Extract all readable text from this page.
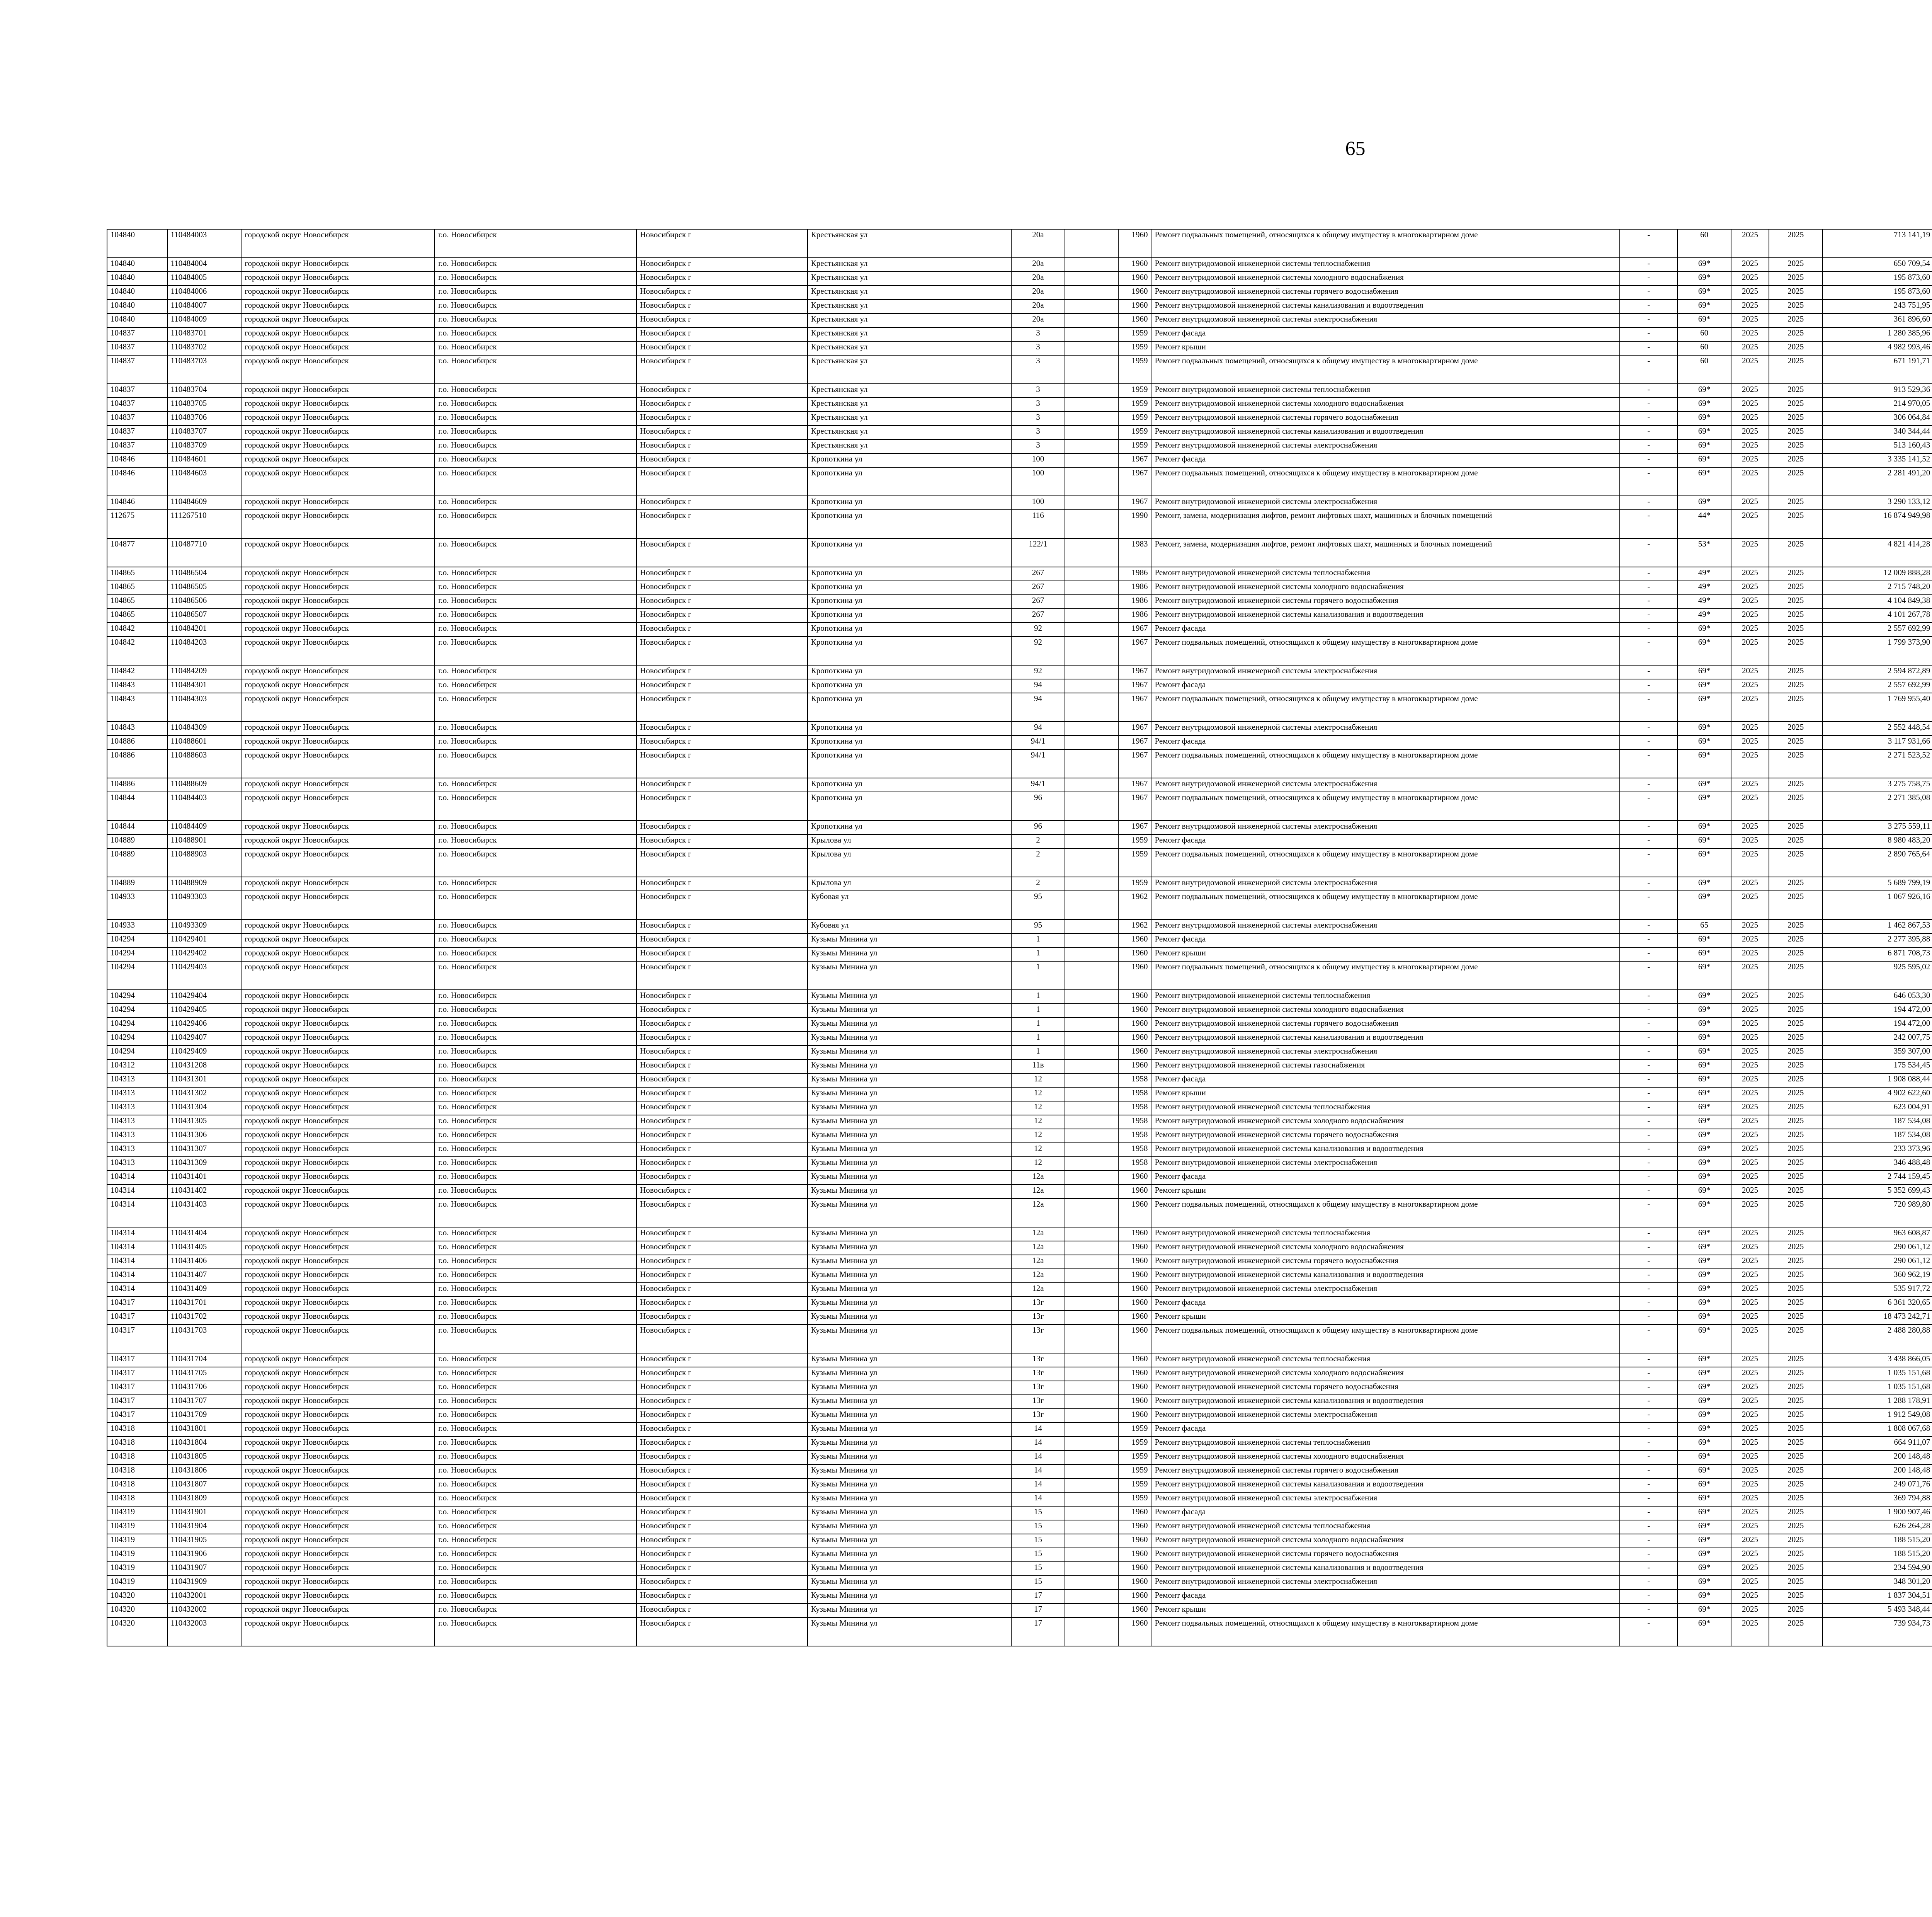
65
104840	110484003	городской округ Новосибирск	г.о. Новосибирск	Новосибирск г	Крестьянская ул	20а		1960	Ремонт подвальных помещений, относящихся к общему имуществу в многоквартирном доме	-	60	2025	2025	713 141,19							
104840	110484004	городской округ Новосибирск	г.о. Новосибирск	Новосибирск г	Крестьянская ул	20а		1960	Ремонт внутридомовой инженерной системы теплоснабжения	-	69*	2025	2025	650 709,54							
104840	110484005	городской округ Новосибирск	г.о. Новосибирск	Новосибирск г	Крестьянская ул	20а		1960	Ремонт внутридомовой инженерной системы холодного водоснабжения	-	69*	2025	2025	195 873,60							
104840	110484006	городской округ Новосибирск	г.о. Новосибирск	Новосибирск г	Крестьянская ул	20а		1960	Ремонт внутридомовой инженерной системы горячего водоснабжения	-	69*	2025	2025	195 873,60							
104840	110484007	городской округ Новосибирск	г.о. Новосибирск	Новосибирск г	Крестьянская ул	20а		1960	Ремонт внутридомовой инженерной системы канализования и водоотведения	-	69*	2025	2025	243 751,95							
104840	110484009	городской округ Новосибирск	г.о. Новосибирск	Новосибирск г	Крестьянская ул	20а		1960	Ремонт внутридомовой инженерной системы электроснабжения	-	69*	2025	2025	361 896,60							
104837	110483701	городской округ Новосибирск	г.о. Новосибирск	Новосибирск г	Крестьянская ул	3		1959	Ремонт фасада	-	60	2025	2025	1 280 385,96							
104837	110483702	городской округ Новосибирск	г.о. Новосибирск	Новосибирск г	Крестьянская ул	3		1959	Ремонт крыши	-	60	2025	2025	4 982 993,46							
104837	110483703	городской округ Новосибирск	г.о. Новосибирск	Новосибирск г	Крестьянская ул	3		1959	Ремонт подвальных помещений, относящихся к общему имуществу в многоквартирном доме	-	60	2025	2025	671 191,71							
104837	110483704	городской округ Новосибирск	г.о. Новосибирск	Новосибирск г	Крестьянская ул	3		1959	Ремонт внутридомовой инженерной системы теплоснабжения	-	69*	2025	2025	913 529,36							
104837	110483705	городской округ Новосибирск	г.о. Новосибирск	Новосибирск г	Крестьянская ул	3		1959	Ремонт внутридомовой инженерной системы холодного водоснабжения	-	69*	2025	2025	214 970,05							
104837	110483706	городской округ Новосибирск	г.о. Новосибирск	Новосибирск г	Крестьянская ул	3		1959	Ремонт внутридомовой инженерной системы горячего водоснабжения	-	69*	2025	2025	306 064,84							
104837	110483707	городской округ Новосибирск	г.о. Новосибирск	Новосибирск г	Крестьянская ул	3		1959	Ремонт внутридомовой инженерной системы канализования и водоотведения	-	69*	2025	2025	340 344,44							
104837	110483709	городской округ Новосибирск	г.о. Новосибирск	Новосибирск г	Крестьянская ул	3		1959	Ремонт внутридомовой инженерной системы электроснабжения	-	69*	2025	2025	513 160,43							
104846	110484601	городской округ Новосибирск	г.о. Новосибирск	Новосибирск г	Кропоткина ул	100		1967	Ремонт фасада	-	69*	2025	2025	3 335 141,52							
104846	110484603	городской округ Новосибирск	г.о. Новосибирск	Новосибирск г	Кропоткина ул	100		1967	Ремонт подвальных помещений, относящихся к общему имуществу в многоквартирном доме	-	69*	2025	2025	2 281 491,20							
104846	110484609	городской округ Новосибирск	г.о. Новосибирск	Новосибирск г	Кропоткина ул	100		1967	Ремонт внутридомовой инженерной системы электроснабжения	-	69*	2025	2025	3 290 133,12							
112675	111267510	городской округ Новосибирск	г.о. Новосибирск	Новосибирск г	Кропоткина ул	116		1990	Ремонт, замена, модернизация лифтов, ремонт лифтовых шахт, машинных и блочных помещений	-	44*	2025	2025	16 874 949,98							
104877	110487710	городской округ Новосибирск	г.о. Новосибирск	Новосибирск г	Кропоткина ул	122/1		1983	Ремонт, замена, модернизация лифтов, ремонт лифтовых шахт, машинных и блочных помещений	-	53*	2025	2025	4 821 414,28							
104865	110486504	городской округ Новосибирск	г.о. Новосибирск	Новосибирск г	Кропоткина ул	267		1986	Ремонт внутридомовой инженерной системы теплоснабжения	-	49*	2025	2025	12 009 888,28							
104865	110486505	городской округ Новосибирск	г.о. Новосибирск	Новосибирск г	Кропоткина ул	267		1986	Ремонт внутридомовой инженерной системы холодного водоснабжения	-	49*	2025	2025	2 715 748,20							
104865	110486506	городской округ Новосибирск	г.о. Новосибирск	Новосибирск г	Кропоткина ул	267		1986	Ремонт внутридомовой инженерной системы горячего водоснабжения	-	49*	2025	2025	4 104 849,38							
104865	110486507	городской округ Новосибирск	г.о. Новосибирск	Новосибирск г	Кропоткина ул	267		1986	Ремонт внутридомовой инженерной системы канализования и водоотведения	-	49*	2025	2025	4 101 267,78							
104842	110484201	городской округ Новосибирск	г.о. Новосибирск	Новосибирск г	Кропоткина ул	92		1967	Ремонт фасада	-	69*	2025	2025	2 557 692,99							
104842	110484203	городской округ Новосибирск	г.о. Новосибирск	Новосибирск г	Кропоткина ул	92		1967	Ремонт подвальных помещений, относящихся к общему имуществу в многоквартирном доме	-	69*	2025	2025	1 799 373,90							
104842	110484209	городской округ Новосибирск	г.о. Новосибирск	Новосибирск г	Кропоткина ул	92		1967	Ремонт внутридомовой инженерной системы электроснабжения	-	69*	2025	2025	2 594 872,89							
104843	110484301	городской округ Новосибирск	г.о. Новосибирск	Новосибирск г	Кропоткина ул	94		1967	Ремонт фасада	-	69*	2025	2025	2 557 692,99							
104843	110484303	городской округ Новосибирск	г.о. Новосибирск	Новосибирск г	Кропоткина ул	94		1967	Ремонт подвальных помещений, относящихся к общему имуществу в многоквартирном доме	-	69*	2025	2025	1 769 955,40							
104843	110484309	городской округ Новосибирск	г.о. Новосибирск	Новосибирск г	Кропоткина ул	94		1967	Ремонт внутридомовой инженерной системы электроснабжения	-	69*	2025	2025	2 552 448,54							
104886	110488601	городской округ Новосибирск	г.о. Новосибирск	Новосибирск г	Кропоткина ул	94/1		1967	Ремонт фасада	-	69*	2025	2025	3 117 931,66							
104886	110488603	городской округ Новосибирск	г.о. Новосибирск	Новосибирск г	Кропоткина ул	94/1		1967	Ремонт подвальных помещений, относящихся к общему имуществу в многоквартирном доме	-	69*	2025	2025	2 271 523,52							
104886	110488609	городской округ Новосибирск	г.о. Новосибирск	Новосибирск г	Кропоткина ул	94/1		1967	Ремонт внутридомовой инженерной системы электроснабжения	-	69*	2025	2025	3 275 758,75							
104844	110484403	городской округ Новосибирск	г.о. Новосибирск	Новосибирск г	Кропоткина ул	96		1967	Ремонт подвальных помещений, относящихся к общему имуществу в многоквартирном доме	-	69*	2025	2025	2 271 385,08							
104844	110484409	городской округ Новосибирск	г.о. Новосибирск	Новосибирск г	Кропоткина ул	96		1967	Ремонт внутридомовой инженерной системы электроснабжения	-	69*	2025	2025	3 275 559,11							
104889	110488901	городской округ Новосибирск	г.о. Новосибирск	Новосибирск г	Крылова ул	2		1959	Ремонт фасада	-	69*	2025	2025	8 980 483,20							
104889	110488903	городской округ Новосибирск	г.о. Новосибирск	Новосибирск г	Крылова ул	2		1959	Ремонт подвальных помещений, относящихся к общему имуществу в многоквартирном доме	-	69*	2025	2025	2 890 765,64							
104889	110488909	городской округ Новосибирск	г.о. Новосибирск	Новосибирск г	Крылова ул	2		1959	Ремонт внутридомовой инженерной системы электроснабжения	-	69*	2025	2025	5 689 799,19							
104933	110493303	городской округ Новосибирск	г.о. Новосибирск	Новосибирск г	Кубовая ул	95		1962	Ремонт подвальных помещений, относящихся к общему имуществу в многоквартирном доме	-	69*	2025	2025	1 067 926,16							
104933	110493309	городской округ Новосибирск	г.о. Новосибирск	Новосибирск г	Кубовая ул	95		1962	Ремонт внутридомовой инженерной системы электроснабжения	-	65	2025	2025	1 462 867,53							
104294	110429401	городской округ Новосибирск	г.о. Новосибирск	Новосибирск г	Кузьмы Минина ул	1		1960	Ремонт фасада	-	69*	2025	2025	2 277 395,88							
104294	110429402	городской округ Новосибирск	г.о. Новосибирск	Новосибирск г	Кузьмы Минина ул	1		1960	Ремонт крыши	-	69*	2025	2025	6 871 708,73							
104294	110429403	городской округ Новосибирск	г.о. Новосибирск	Новосибирск г	Кузьмы Минина ул	1		1960	Ремонт подвальных помещений, относящихся к общему имуществу в многоквартирном доме	-	69*	2025	2025	925 595,02							
104294	110429404	городской округ Новосибирск	г.о. Новосибирск	Новосибирск г	Кузьмы Минина ул	1		1960	Ремонт внутридомовой инженерной системы теплоснабжения	-	69*	2025	2025	646 053,30							
104294	110429405	городской округ Новосибирск	г.о. Новосибирск	Новосибирск г	Кузьмы Минина ул	1		1960	Ремонт внутридомовой инженерной системы холодного водоснабжения	-	69*	2025	2025	194 472,00							
104294	110429406	городской округ Новосибирск	г.о. Новосибирск	Новосибирск г	Кузьмы Минина ул	1		1960	Ремонт внутридомовой инженерной системы горячего водоснабжения	-	69*	2025	2025	194 472,00							
104294	110429407	городской округ Новосибирск	г.о. Новосибирск	Новосибирск г	Кузьмы Минина ул	1		1960	Ремонт внутридомовой инженерной системы канализования и водоотведения	-	69*	2025	2025	242 007,75							
104294	110429409	городской округ Новосибирск	г.о. Новосибирск	Новосибирск г	Кузьмы Минина ул	1		1960	Ремонт внутридомовой инженерной системы электроснабжения	-	69*	2025	2025	359 307,00							
104312	110431208	городской округ Новосибирск	г.о. Новосибирск	Новосибирск г	Кузьмы Минина ул	11в		1960	Ремонт внутридомовой инженерной системы газоснабжения	-	69*	2025	2025	175 534,45							
104313	110431301	городской округ Новосибирск	г.о. Новосибирск	Новосибирск г	Кузьмы Минина ул	12		1958	Ремонт фасада	-	69*	2025	2025	1 908 088,44							
104313	110431302	городской округ Новосибирск	г.о. Новосибирск	Новосибирск г	Кузьмы Минина ул	12		1958	Ремонт крыши	-	69*	2025	2025	4 902 622,60							
104313	110431304	городской округ Новосибирск	г.о. Новосибирск	Новосибирск г	Кузьмы Минина ул	12		1958	Ремонт внутридомовой инженерной системы теплоснабжения	-	69*	2025	2025	623 004,91							
104313	110431305	городской округ Новосибирск	г.о. Новосибирск	Новосибирск г	Кузьмы Минина ул	12		1958	Ремонт внутридомовой инженерной системы холодного водоснабжения	-	69*	2025	2025	187 534,08							
104313	110431306	городской округ Новосибирск	г.о. Новосибирск	Новосибирск г	Кузьмы Минина ул	12		1958	Ремонт внутридомовой инженерной системы горячего водоснабжения	-	69*	2025	2025	187 534,08							
104313	110431307	городской округ Новосибирск	г.о. Новосибирск	Новосибирск г	Кузьмы Минина ул	12		1958	Ремонт внутридомовой инженерной системы канализования и водоотведения	-	69*	2025	2025	233 373,96							
104313	110431309	городской округ Новосибирск	г.о. Новосибирск	Новосибирск г	Кузьмы Минина ул	12		1958	Ремонт внутридомовой инженерной системы электроснабжения	-	69*	2025	2025	346 488,48							
104314	110431401	городской округ Новосибирск	г.о. Новосибирск	Новосибирск г	Кузьмы Минина ул	12а		1960	Ремонт фасада	-	69*	2025	2025	2 744 159,45							
104314	110431402	городской округ Новосибирск	г.о. Новосибирск	Новосибирск г	Кузьмы Минина ул	12а		1960	Ремонт крыши	-	69*	2025	2025	5 352 699,43							
104314	110431403	городской округ Новосибирск	г.о. Новосибирск	Новосибирск г	Кузьмы Минина ул	12а		1960	Ремонт подвальных помещений, относящихся к общему имуществу в многоквартирном доме	-	69*	2025	2025	720 989,80							
104314	110431404	городской округ Новосибирск	г.о. Новосибирск	Новосибирск г	Кузьмы Минина ул	12а		1960	Ремонт внутридомовой инженерной системы теплоснабжения	-	69*	2025	2025	963 608,87							
104314	110431405	городской округ Новосибирск	г.о. Новосибирск	Новосибирск г	Кузьмы Минина ул	12а		1960	Ремонт внутридомовой инженерной системы холодного водоснабжения	-	69*	2025	2025	290 061,12							
104314	110431406	городской округ Новосибирск	г.о. Новосибирск	Новосибирск г	Кузьмы Минина ул	12а		1960	Ремонт внутридомовой инженерной системы горячего водоснабжения	-	69*	2025	2025	290 061,12							
104314	110431407	городской округ Новосибирск	г.о. Новосибирск	Новосибирск г	Кузьмы Минина ул	12а		1960	Ремонт внутридомовой инженерной системы канализования и водоотведения	-	69*	2025	2025	360 962,19							
104314	110431409	городской округ Новосибирск	г.о. Новосибирск	Новосибирск г	Кузьмы Минина ул	12а		1960	Ремонт внутридомовой инженерной системы электроснабжения	-	69*	2025	2025	535 917,72							
104317	110431701	городской округ Новосибирск	г.о. Новосибирск	Новосибирск г	Кузьмы Минина ул	13г		1960	Ремонт фасада	-	69*	2025	2025	6 361 320,65							
104317	110431702	городской округ Новосибирск	г.о. Новосибирск	Новосибирск г	Кузьмы Минина ул	13г		1960	Ремонт крыши	-	69*	2025	2025	18 473 242,71							
104317	110431703	городской округ Новосибирск	г.о. Новосибирск	Новосибирск г	Кузьмы Минина ул	13г		1960	Ремонт подвальных помещений, относящихся к общему имуществу в многоквартирном доме	-	69*	2025	2025	2 488 280,88							
104317	110431704	городской округ Новосибирск	г.о. Новосибирск	Новосибирск г	Кузьмы Минина ул	13г		1960	Ремонт внутридомовой инженерной системы теплоснабжения	-	69*	2025	2025	3 438 866,05							
104317	110431705	городской округ Новосибирск	г.о. Новосибирск	Новосибирск г	Кузьмы Минина ул	13г		1960	Ремонт внутридомовой инженерной системы холодного водоснабжения	-	69*	2025	2025	1 035 151,68							
104317	110431706	городской округ Новосибирск	г.о. Новосибирск	Новосибирск г	Кузьмы Минина ул	13г		1960	Ремонт внутридомовой инженерной системы горячего водоснабжения	-	69*	2025	2025	1 035 151,68							
104317	110431707	городской округ Новосибирск	г.о. Новосибирск	Новосибирск г	Кузьмы Минина ул	13г		1960	Ремонт внутридомовой инженерной системы канализования и водоотведения	-	69*	2025	2025	1 288 178,91							
104317	110431709	городской округ Новосибирск	г.о. Новосибирск	Новосибирск г	Кузьмы Минина ул	13г		1960	Ремонт внутридомовой инженерной системы электроснабжения	-	69*	2025	2025	1 912 549,08							
104318	110431801	городской округ Новосибирск	г.о. Новосибирск	Новосибирск г	Кузьмы Минина ул	14		1959	Ремонт фасада	-	69*	2025	2025	1 808 067,68							
104318	110431804	городской округ Новосибирск	г.о. Новосибирск	Новосибирск г	Кузьмы Минина ул	14		1959	Ремонт внутридомовой инженерной системы теплоснабжения	-	69*	2025	2025	664 911,07							
104318	110431805	городской округ Новосибирск	г.о. Новосибирск	Новосибирск г	Кузьмы Минина ул	14		1959	Ремонт внутридомовой инженерной системы холодного водоснабжения	-	69*	2025	2025	200 148,48							
104318	110431806	городской округ Новосибирск	г.о. Новосибирск	Новосибирск г	Кузьмы Минина ул	14		1959	Ремонт внутридомовой инженерной системы горячего водоснабжения	-	69*	2025	2025	200 148,48							
104318	110431807	городской округ Новосибирск	г.о. Новосибирск	Новосибирск г	Кузьмы Минина ул	14		1959	Ремонт внутридомовой инженерной системы канализования и водоотведения	-	69*	2025	2025	249 071,76							
104318	110431809	городской округ Новосибирск	г.о. Новосибирск	Новосибирск г	Кузьмы Минина ул	14		1959	Ремонт внутридомовой инженерной системы электроснабжения	-	69*	2025	2025	369 794,88							
104319	110431901	городской округ Новосибирск	г.о. Новосибирск	Новосибирск г	Кузьмы Минина ул	15		1960	Ремонт фасада	-	69*	2025	2025	1 900 907,46							
104319	110431904	городской округ Новосибирск	г.о. Новосибирск	Новосибирск г	Кузьмы Минина ул	15		1960	Ремонт внутридомовой инженерной системы теплоснабжения	-	69*	2025	2025	626 264,28							
104319	110431905	городской округ Новосибирск	г.о. Новосибирск	Новосибирск г	Кузьмы Минина ул	15		1960	Ремонт внутридомовой инженерной системы холодного водоснабжения	-	69*	2025	2025	188 515,20							
104319	110431906	городской округ Новосибирск	г.о. Новосибирск	Новосибирск г	Кузьмы Минина ул	15		1960	Ремонт внутридомовой инженерной системы горячего водоснабжения	-	69*	2025	2025	188 515,20							
104319	110431907	городской округ Новосибирск	г.о. Новосибирск	Новосибирск г	Кузьмы Минина ул	15		1960	Ремонт внутридомовой инженерной системы канализования и водоотведения	-	69*	2025	2025	234 594,90							
104319	110431909	городской округ Новосибирск	г.о. Новосибирск	Новосибирск г	Кузьмы Минина ул	15		1960	Ремонт внутридомовой инженерной системы электроснабжения	-	69*	2025	2025	348 301,20							
104320	110432001	городской округ Новосибирск	г.о. Новосибирск	Новосибирск г	Кузьмы Минина ул	17		1960	Ремонт фасада	-	69*	2025	2025	1 837 304,51							
104320	110432002	городской округ Новосибирск	г.о. Новосибирск	Новосибирск г	Кузьмы Минина ул	17		1960	Ремонт крыши	-	69*	2025	2025	5 493 348,44							
104320	110432003	городской округ Новосибирск	г.о. Новосибирск	Новосибирск г	Кузьмы Минина ул	17		1960	Ремонт подвальных помещений, относящихся к общему имуществу в многоквартирном доме	-	69*	2025	2025	739 934,73							
